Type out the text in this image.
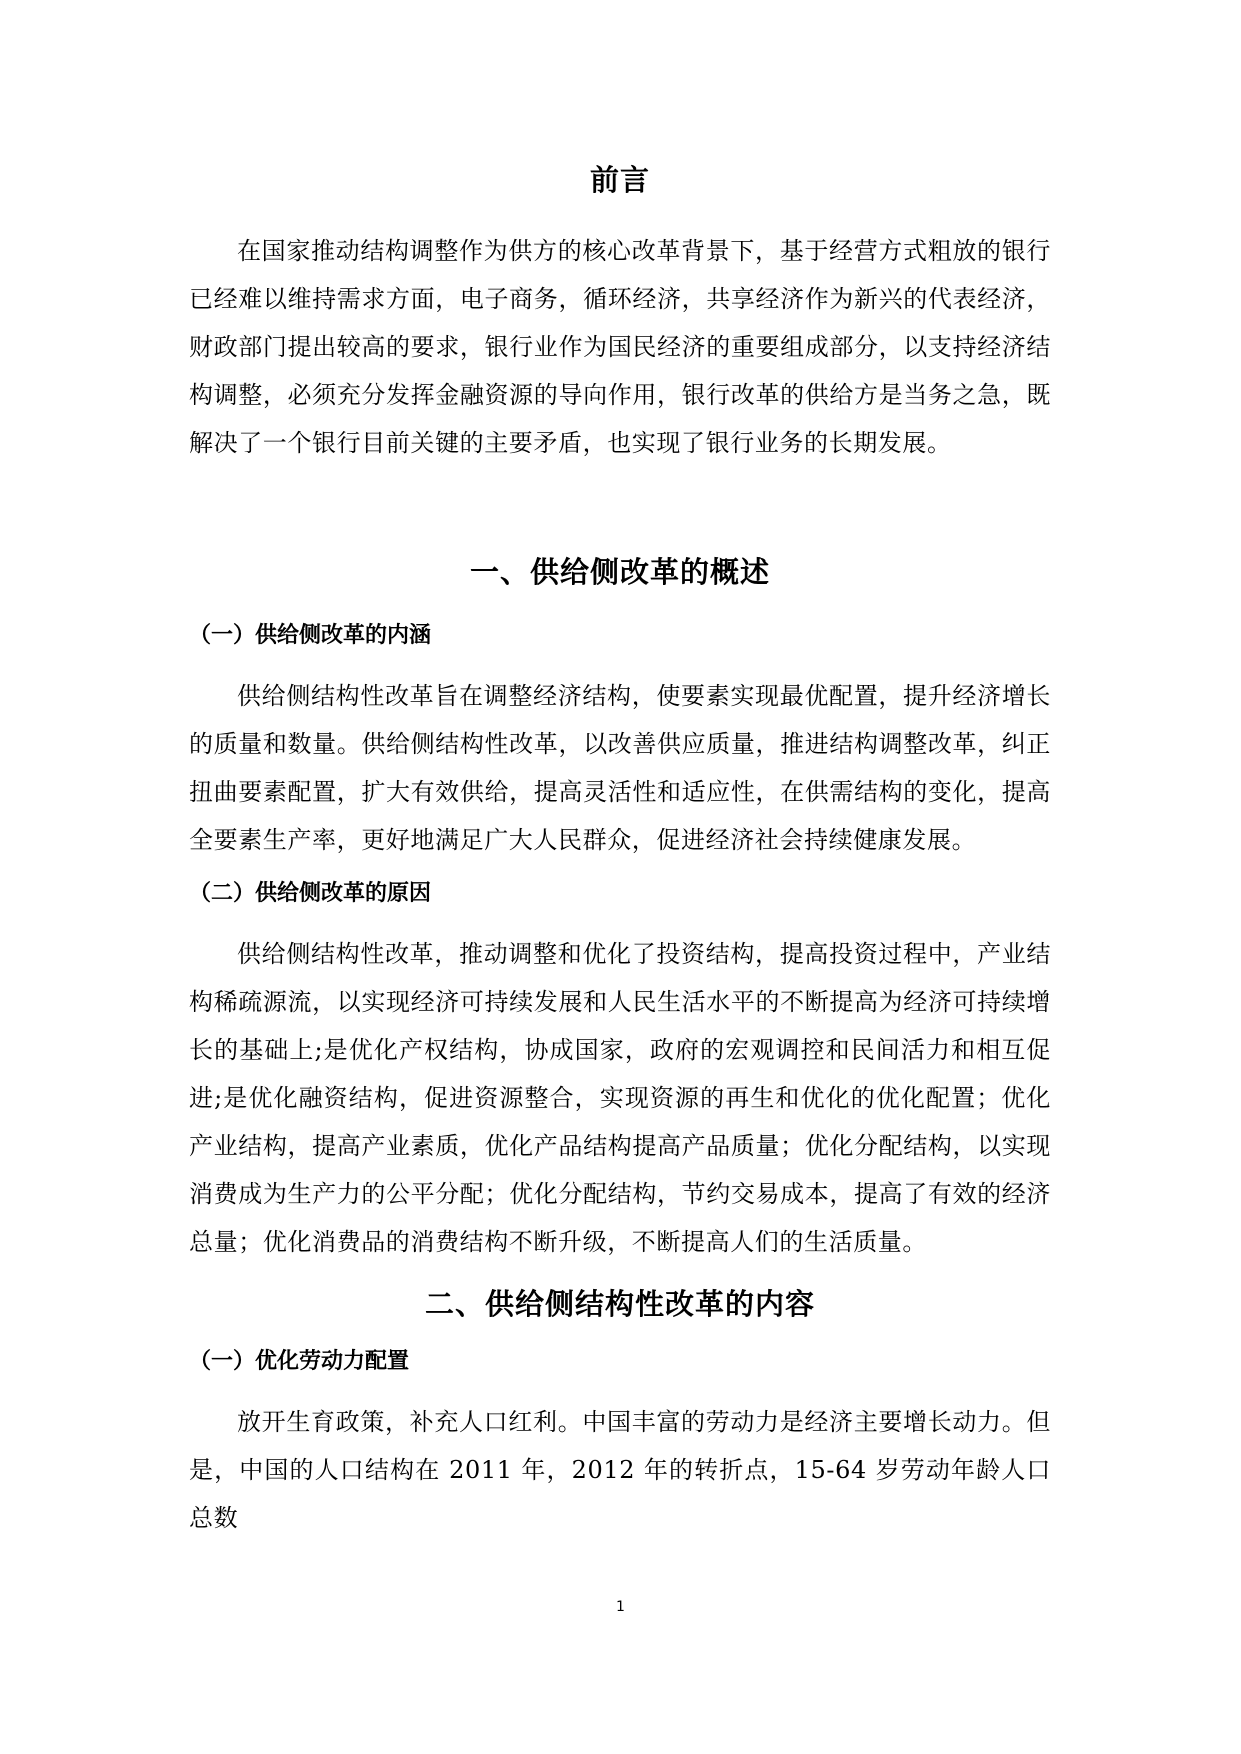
前言

在国家推动结构调整作为供方的核心改革背景下，基于经营方式粗放的银行已经难以维持需求方面，电子商务，循环经济，共享经济作为新兴的代表经济，财政部门提出较高的要求，银行业作为国民经济的重要组成部分，以支持经济结构调整，必须充分发挥金融资源的导向作用，银行改革的供给方是当务之急，既解决了一个银行目前关键的主要矛盾，也实现了银行业务的长期发展。

一、供给侧改革的概述
（一）供给侧改革的内涵

供给侧结构性改革旨在调整经济结构，使要素实现最优配置，提升经济增长的质量和数量。供给侧结构性改革，以改善供应质量，推进结构调整改革，纠正扭曲要素配置，扩大有效供给，提高灵活性和适应性，在供需结构的变化，提高全要素生产率，更好地满足广大人民群众，促进经济社会持续健康发展。

（二）供给侧改革的原因

供给侧结构性改革，推动调整和优化了投资结构，提高投资过程中，产业结构稀疏源流，以实现经济可持续发展和人民生活水平的不断提高为经济可持续增长的基础上;是优化产权结构，协成国家，政府的宏观调控和民间活力和相互促进;是优化融资结构，促进资源整合，实现资源的再生和优化的优化配置；优化产业结构，提高产业素质，优化产品结构提高产品质量；优化分配结构，以实现消费成为生产力的公平分配；优化分配结构，节约交易成本，提高了有效的经济总量；优化消费品的消费结构不断升级，不断提高人们的生活质量。

二、供给侧结构性改革的内容
（一）优化劳动力配置

放开生育政策，补充人口红利。中国丰富的劳动力是经济主要增长动力。但是，中国的人口结构在 2011 年，2012 年的转折点，15-64 岁劳动年龄人口总数

1
